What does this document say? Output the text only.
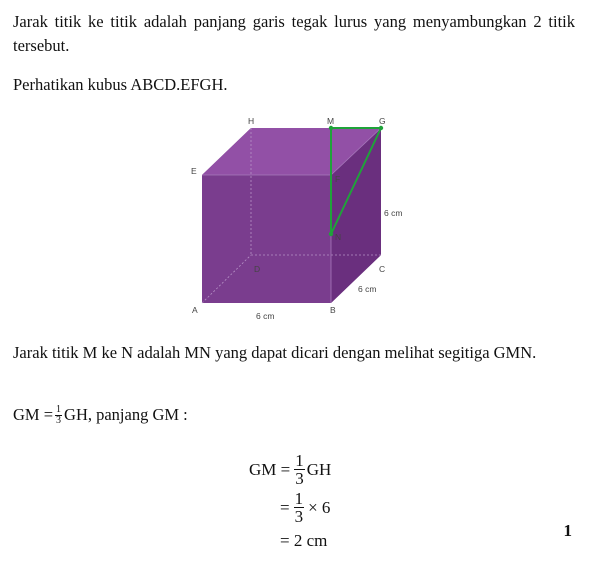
Jarak titik ke titik adalah panjang garis tegak lurus yang menyambungkan 2 titik tersebut.

Perhatikan kubus ABCD.EFGH.

H	M	G
E
F
N
D	C
A	B
6 cm
6 cm
6 cm

Jarak titik M ke N adalah MN yang dapat dicari dengan melihat segitiga GMN.

GM = $\frac{1}{3}$ GH, panjang GM :
GM = $\frac{1}{3}$ GH
= $\frac{1}{3} \times 6$
= 2 cm
1
